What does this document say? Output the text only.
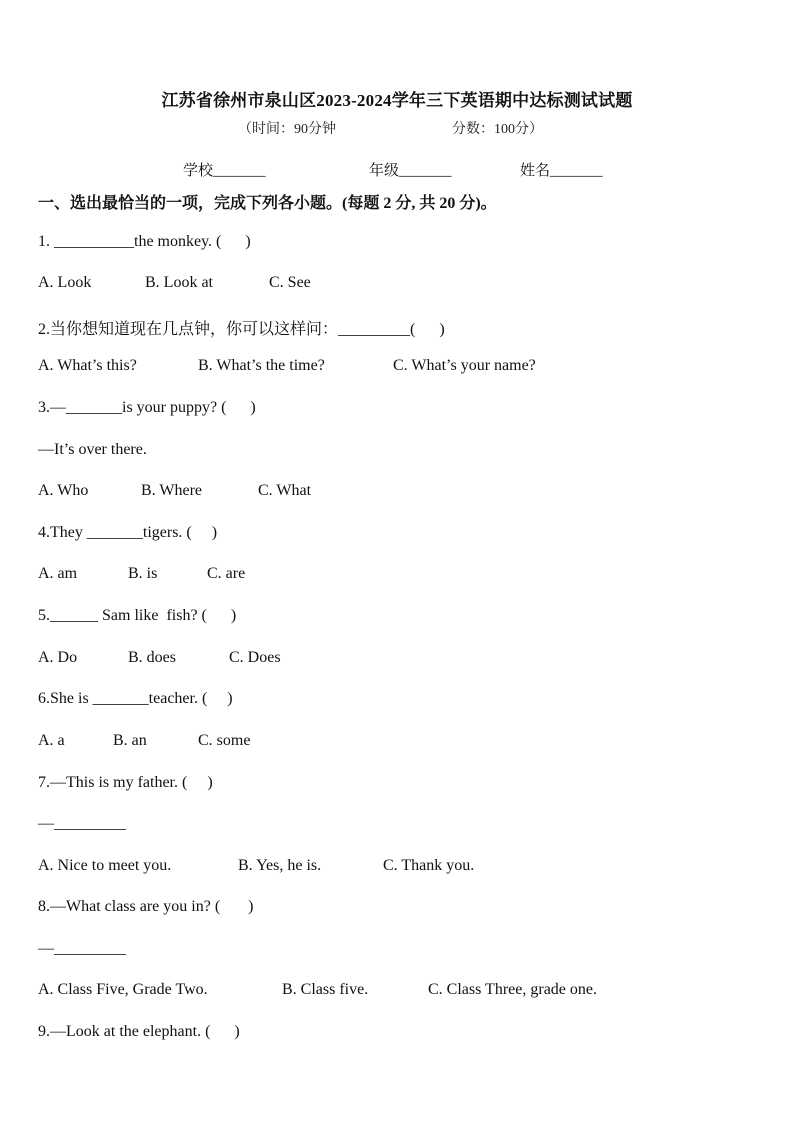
江苏省徐州市泉山区2023-2024学年三下英语期中达标测试试题
（时间：90分钟	分数：100分）
学校_______	年级_______	姓名_______
一、选出最恰当的一项，完成下列各小题。(每题 2 分, 共 20 分)。
1. __________the monkey. (      )
A. Look	B. Look at	C. See
2.当你想知道现在几点钟，你可以这样问：_________(      )
A. What’s this?	B. What’s the time?	C. What’s your name?
3.—_______is your puppy? (      )
—It’s over there.
A. Who	B. Where	C. What
4.They _______tigers. (     )
A. am	B. is	C. are
5.______ Sam like  fish? (      )
A. Do	B. does	C. Does
6.She is _______teacher. (     )
A. a	B. an	C. some
7.—This is my father. (     )
—_________
A. Nice to meet you.	B. Yes, he is.	C. Thank you.
8.—What class are you in? (       )
—_________
A. Class Five, Grade Two.	B. Class five.	C. Class Three, grade one.
9.—Look at the elephant. (      )
